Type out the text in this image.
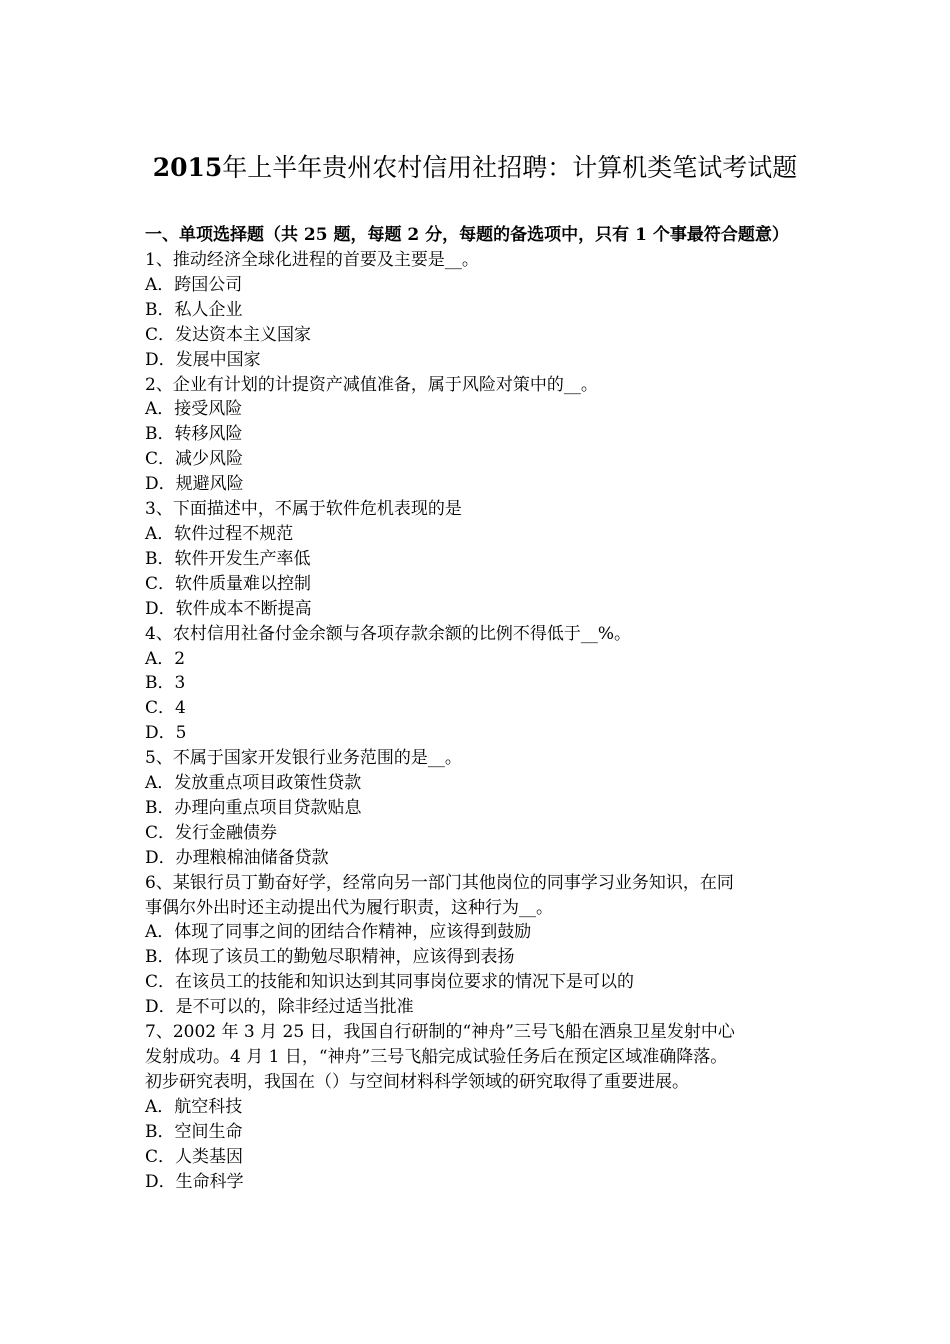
2015年上半年贵州农村信用社招聘：计算机类笔试考试题

一、单项选择题（共 25 题，每题 2 分，每题的备选项中，只有 1 个事最符合题意）

1、推动经济全球化进程的首要及主要是__。

A．跨国公司

B．私人企业

C．发达资本主义国家

D．发展中国家

2、企业有计划的计提资产减值准备，属于风险对策中的__。

A．接受风险

B．转移风险

C．减少风险

D．规避风险

3、下面描述中，不属于软件危机表现的是

A．软件过程不规范

B．软件开发生产率低

C．软件质量难以控制

D．软件成本不断提高

4、农村信用社备付金余额与各项存款余额的比例不得低于__%。

A．2

B．3

C．4

D．5

5、不属于国家开发银行业务范围的是__。

A．发放重点项目政策性贷款

B．办理向重点项目贷款贴息

C．发行金融债券

D．办理粮棉油储备贷款

6、某银行员丁勤奋好学，经常向另一部门其他岗位的同事学习业务知识，在同

事偶尔外出时还主动提出代为履行职责，这种行为__。

A．体现了同事之间的团结合作精神，应该得到鼓励

B．体现了该员工的勤勉尽职精神，应该得到表扬

C．在该员工的技能和知识达到其同事岗位要求的情况下是可以的

D．是不可以的，除非经过适当批准

7、2002 年 3 月 25 日，我国自行研制的“神舟”三号飞船在酒泉卫星发射中心

发射成功。4 月 1 日，“神舟”三号飞船完成试验任务后在预定区域准确降落。

初步研究表明，我国在（）与空间材料科学领域的研究取得了重要进展。

A．航空科技

B．空间生命

C．人类基因

D．生命科学
